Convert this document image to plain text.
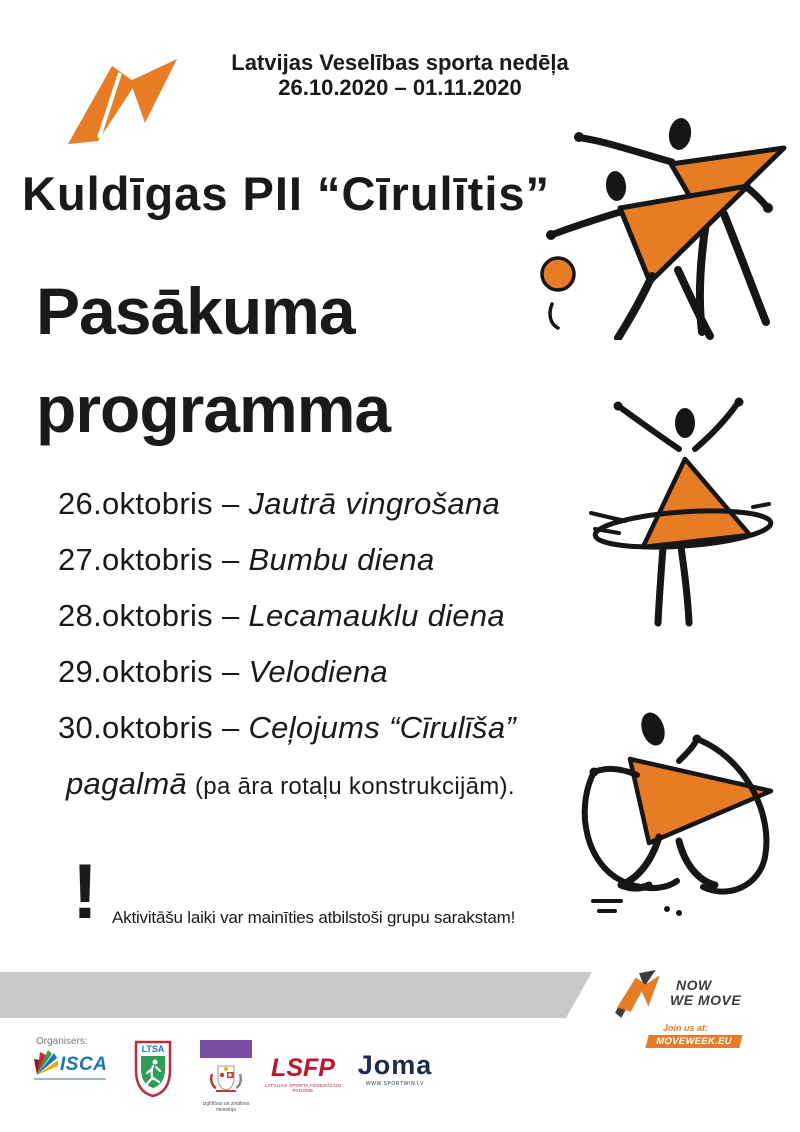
Latvijas Veselības sporta nedēļa
26.10.2020 – 01.11.2020
Kuldīgas PII “Cīrulītis”
Pasākuma
programma
26.oktobris – Jautrā vingrošana
27.oktobris – Bumbu diena
28.oktobris – Lecamauklu diena
29.oktobris – Velodiena
30.oktobris – Ceļojums “Cīrulīša”
pagalmā (pa āra rotaļu konstrukcijām).
! Aktivitāšu laiki var mainīties atbilstoši grupu sarakstam!
NOW
WE MOVE
Join us at:
MOVEWEEK.EU
Organisers:
ISCA
LTSA
Izglītības un zinātnes
ministrija
LSFP
LATVIJAS SPORTA FEDERĀCIJU PADOME
Joma
WWW.SPORTWIN.LV
